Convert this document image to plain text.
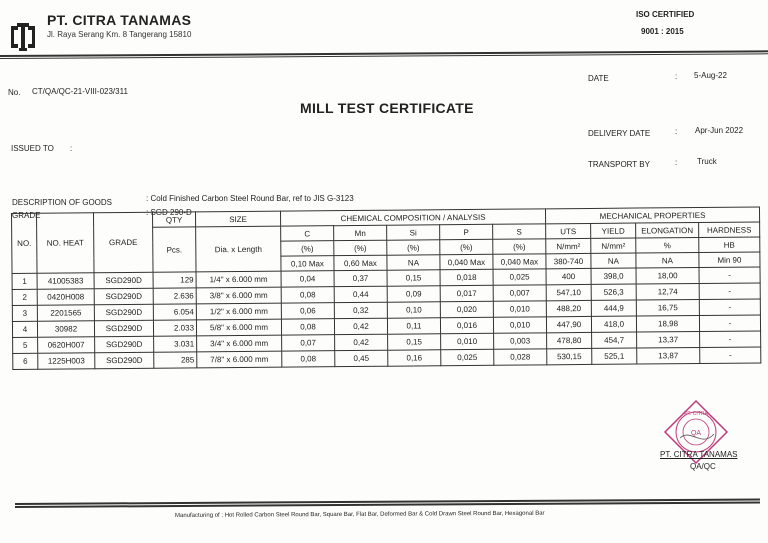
PT. CITRA TANAMAS
Jl. Raya Serang Km. 8 Tangerang 15810
ISO CERTIFIED
9001 : 2015
No. CT/QA/QC-21-VIII-023/311
MILL TEST CERTIFICATE
DATE	: 5-Aug-22
DELIVERY DATE	: Apr-Jun 2022
TRANSPORT BY	: Truck
ISSUED TO :
DESCRIPTION OF GOODS	: Cold Finished Carbon Steel Round Bar, ref to JIS G-3123
GRADE	: SGD 290-D
NO.	NO. HEAT	GRADE	QTY	SIZE	CHEMICAL COMPOSITION / ANALYSIS					MECHANICAL PROPERTIES			
			Pcs.	Dia. x Length	C	Mn	Si	P	S	UTS	YIELD	ELONGATION	HARDNESS
					(%)	(%)	(%)	(%)	(%)	N/mm²	N/mm²	%	HB
					0,10 Max	0,60 Max	NA	0,040 Max	0,040 Max	380-740	NA	NA	Min 90
1	41005383	SGD290D	129	1/4" x 6.000 mm	0,04	0,37	0,15	0,018	0,025	400	398,0	18,00	-
2	0420H008	SGD290D	2.636	3/8" x 6.000 mm	0,08	0,44	0,09	0,017	0,007	547,10	526,3	12,74	-
3	2201565	SGD290D	6.054	1/2" x 6.000 mm	0,06	0,32	0,10	0,020	0,010	488,20	444,9	16,75	-
4	30982	SGD290D	2.033	5/8" x 6.000 mm	0,08	0,42	0,11	0,016	0,010	447,90	418,0	18,98	-
5	0620H007	SGD290D	3.031	3/4" x 6.000 mm	0,07	0,42	0,15	0,010	0,003	478,80	454,7	13,37	-
6	1225H003	SGD290D	285	7/8" x 6.000 mm	0,08	0,45	0,16	0,025	0,028	530,15	525,1	13,87	-
PT. CITRA
QA
PT. CITRA TANAMAS
QA/QC
Manufacturing of : Hot Rolled Carbon Steel Round Bar, Square Bar, Flat Bar, Deformed Bar & Cold Drawn Steel Round Bar, Hexagonal Bar
